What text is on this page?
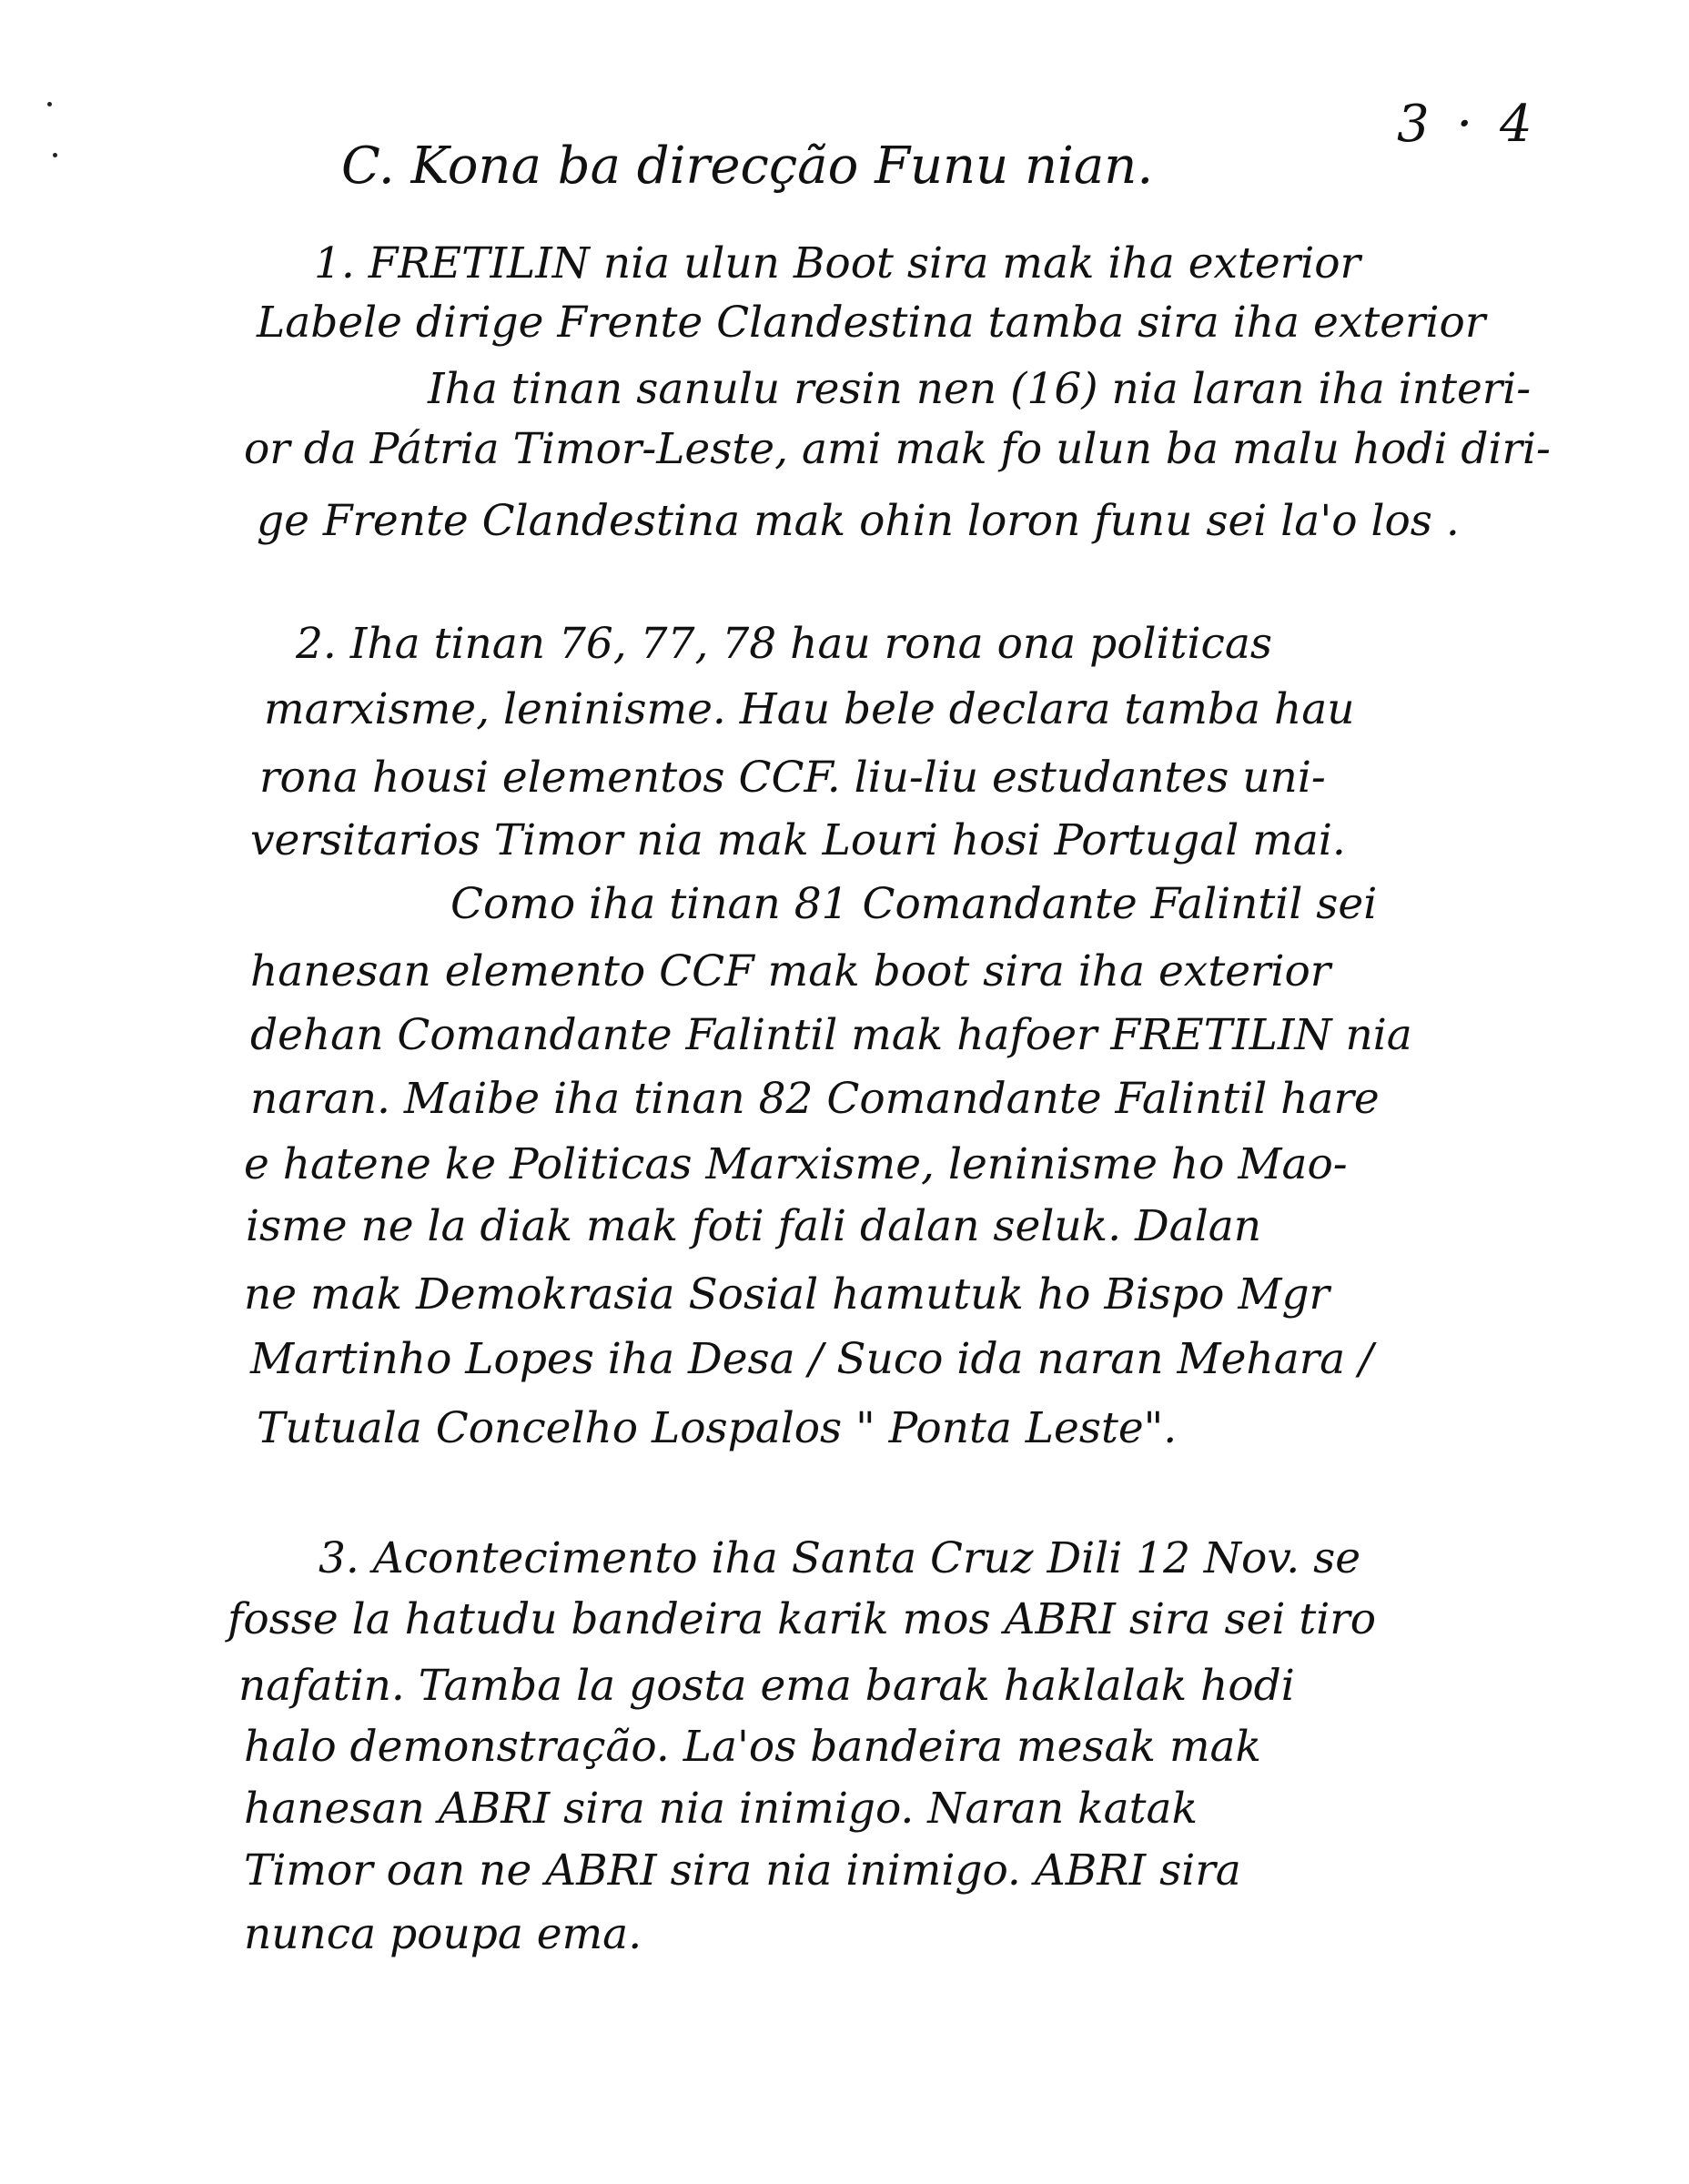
3 · 4
C. Kona ba direcção Funu nian.
1. FRETILIN nia ulun Boot sira mak iha exterior
Labele dirige Frente Clandestina tamba sira iha exterior
Iha tinan sanulu resin nen (16) nia laran iha interi-
or da Pátria Timor-Leste, ami mak fo ulun ba malu hodi diri-
ge Frente Clandestina mak ohin loron funu sei la'o los .
2. Iha tinan 76, 77, 78 hau rona ona politicas
marxisme, leninisme. Hau bele declara tamba hau
rona housi elementos CCF. liu-liu estudantes uni-
versitarios Timor nia mak Louri hosi Portugal mai.
Como iha tinan 81 Comandante Falintil sei
hanesan elemento CCF mak boot sira iha exterior
dehan Comandante Falintil mak hafoer FRETILIN nia
naran. Maibe iha tinan 82 Comandante Falintil hare
e hatene ke Politicas Marxisme, leninisme ho Mao-
isme ne la diak mak foti fali dalan seluk. Dalan
ne mak Demokrasia Sosial hamutuk ho Bispo Mgr
Martinho Lopes iha Desa / Suco ida naran Mehara /
Tutuala Concelho Lospalos " Ponta Leste".
3. Acontecimento iha Santa Cruz Dili 12 Nov. se
fosse la hatudu bandeira karik mos ABRI sira sei tiro
nafatin. Tamba la gosta ema barak haklalak hodi
halo demonstração. La'os bandeira mesak mak
hanesan ABRI sira nia inimigo. Naran katak
Timor oan ne ABRI sira nia inimigo. ABRI sira
nunca poupa ema.
